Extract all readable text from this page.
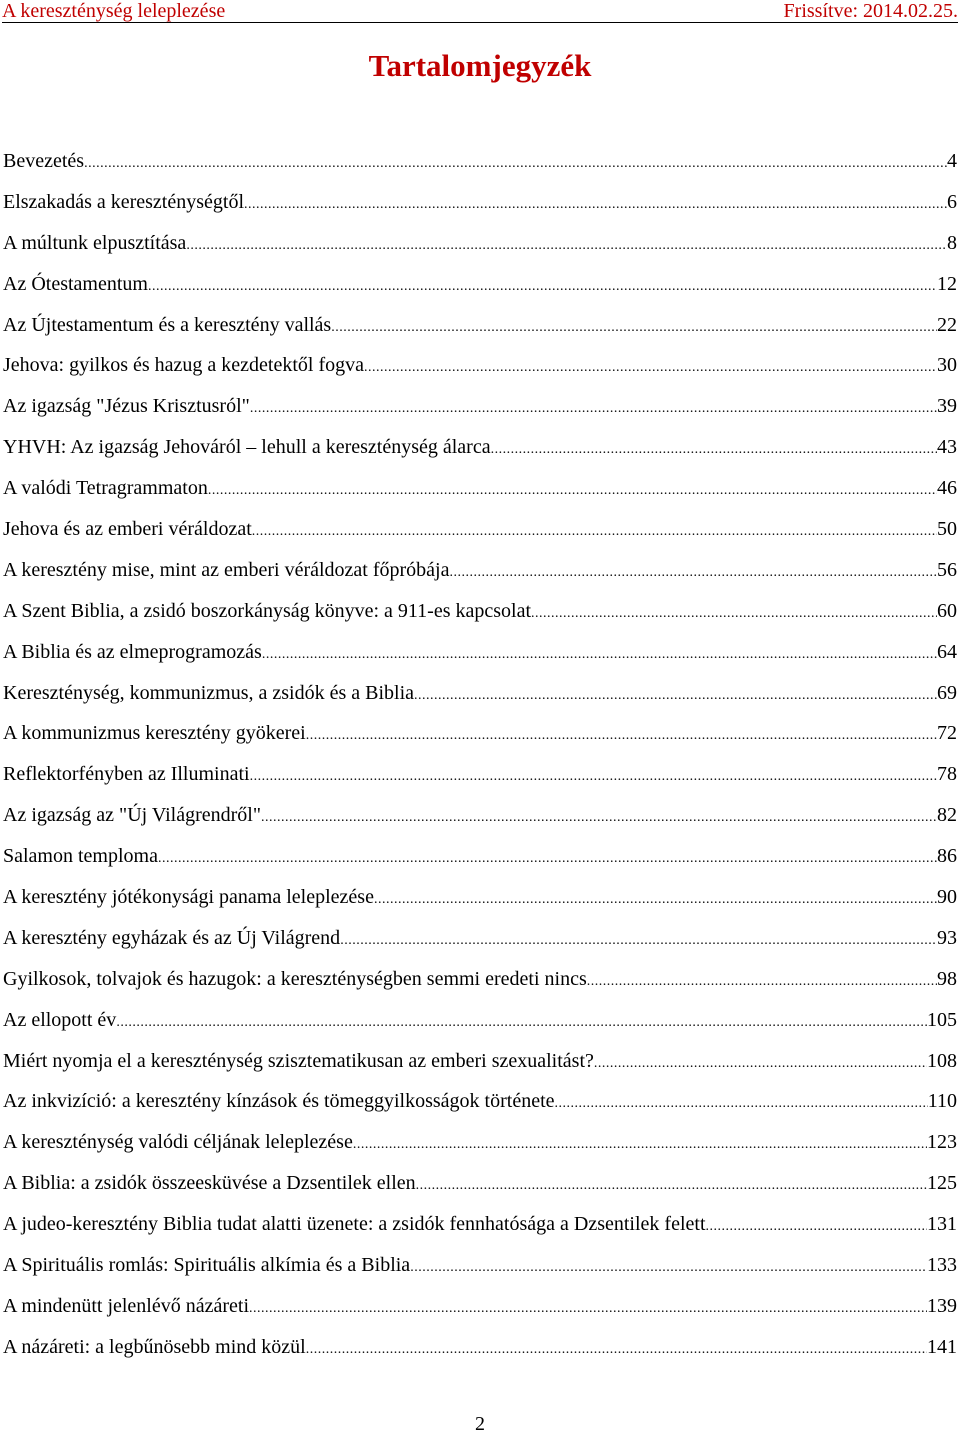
A kereszténység leleplezése	Frissítve: 2014.02.25.
Tartalomjegyzék
Bevezetés .....	4
Elszakadás a kereszténységtől .....	6
A múltunk elpusztítása .....	8
Az Ótestamentum .....	12
Az Újtestamentum és a keresztény vallás .....	22
Jehova: gyilkos és hazug a kezdetektől fogva .....	30
Az igazság "Jézus Krisztusról" .....	39
YHVH: Az igazság Jehováról – lehull a kereszténység álarca .....	43
A valódi Tetragrammaton .....	46
Jehova és az emberi véráldozat .....	50
A keresztény mise, mint az emberi véráldozat főpróbája .....	56
A Szent Biblia, a zsidó boszorkányság könyve: a 911-es kapcsolat .....	60
A Biblia és az elmeprogramozás .....	64
Kereszténység, kommunizmus, a zsidók és a Biblia .....	69
A kommunizmus keresztény gyökerei .....	72
Reflektorfényben az Illuminati .....	78
Az igazság az "Új Világrendről" .....	82
Salamon temploma .....	86
A keresztény jótékonysági panama leleplezése .....	90
A keresztény egyházak és az Új Világrend .....	93
Gyilkosok, tolvajok és hazugok: a kereszténységben semmi eredeti nincs .....	98
Az ellopott év .....	105
Miért nyomja el a kereszténység szisztematikusan az emberi szexualitást? .....	108
Az inkvizíció: a keresztény kínzások és tömeggyilkosságok története .....	110
A kereszténység valódi céljának leleplezése .....	123
A Biblia: a zsidók összeesküvése a Dzsentilek ellen .....	125
A judeo-keresztény Biblia tudat alatti üzenete: a zsidók fennhatósága a Dzsentilek felett .....	131
A Spirituális romlás: Spirituális alkímia és a Biblia .....	133
A mindenütt jelenlévő názáreti .....	139
A názáreti: a legbűnösebb mind közül .....	141
2
